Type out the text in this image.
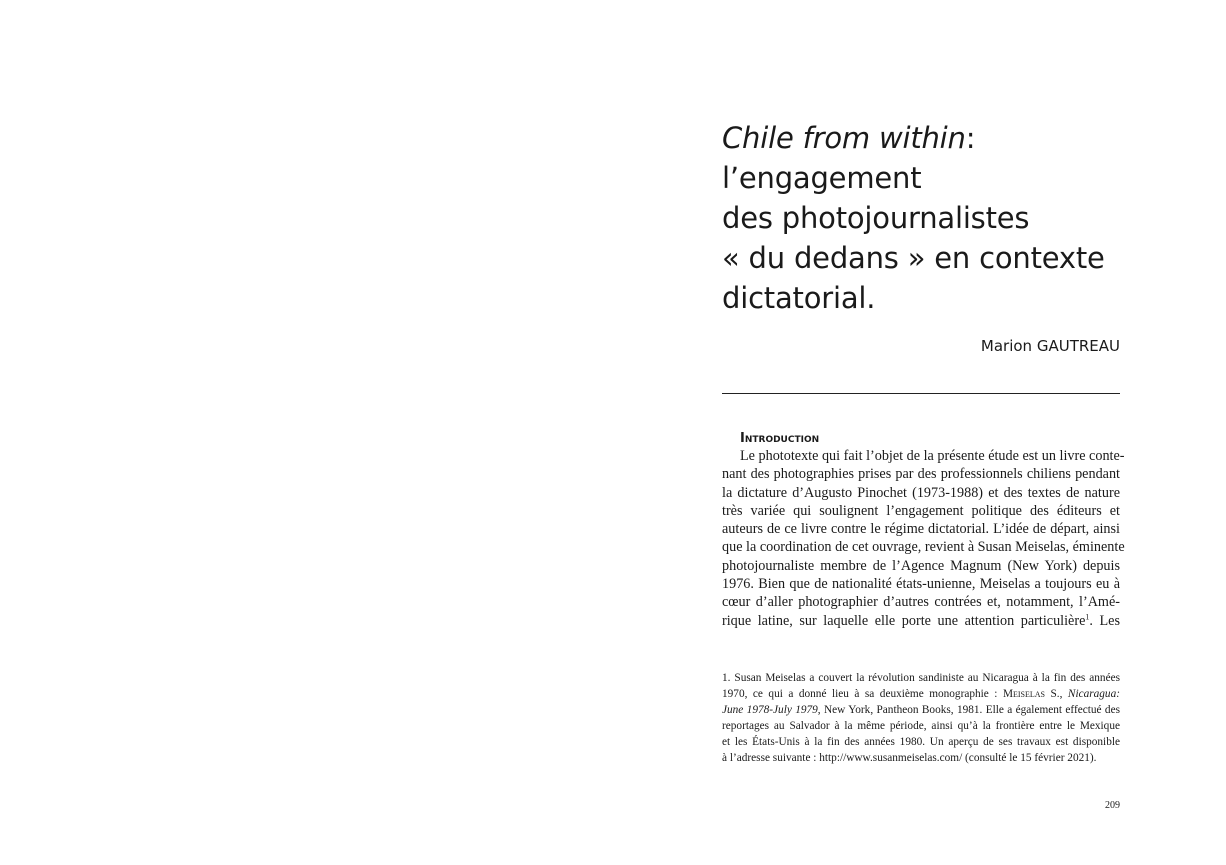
Chile from within: l’engagement
des photojournalistes
« du dedans » en contexte
dictatorial.
Marion GAUTREAU
Introduction
Le phototexte qui fait l’objet de la présente étude est un livre conte-
nant des photographies prises par des professionnels chiliens pendant
la dictature d’Augusto Pinochet (1973-1988) et des textes de nature
très variée qui soulignent l’engagement politique des éditeurs et
auteurs de ce livre contre le régime dictatorial. L’idée de départ, ainsi
que la coordination de cet ouvrage, revient à Susan Meiselas, éminente
photojournaliste membre de l’Agence Magnum (New York) depuis
1976. Bien que de nationalité états-unienne, Meiselas a toujours eu à
cœur d’aller photographier d’autres contrées et, notamment, l’Amé-
rique latine, sur laquelle elle porte une attention particulière$^1$. Les
1. Susan Meiselas a couvert la révolution sandiniste au Nicaragua à la fin des années
1970, ce qui a donné lieu à sa deuxième monographie : Meiselas S., Nicaragua:
June 1978-July 1979, New York, Pantheon Books, 1981. Elle a également effectué des
reportages au Salvador à la même période, ainsi qu’à la frontière entre le Mexique
et les États-Unis à la fin des années 1980. Un aperçu de ses travaux est disponible
à l’adresse suivante : http://www.susanmeiselas.com/ (consulté le 15 février 2021).
209
